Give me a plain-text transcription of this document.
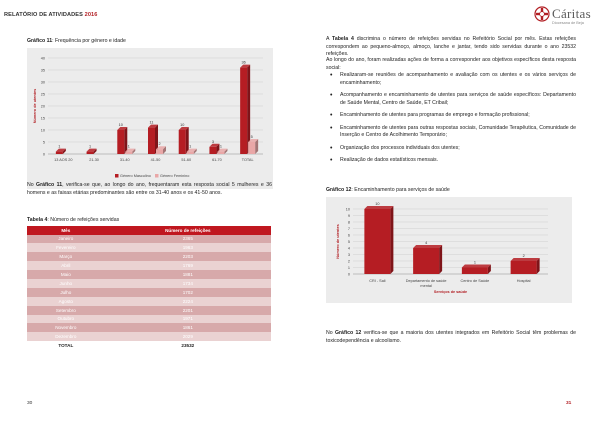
RELATÓRIO DE ATIVIDADES 2016	Cáritas
Diocesana de Beja
Gráfico 11: Frequência por género e idade
Número de utentes
0
5
10
15
20
25
30
35
40
1
13 AOS 20
1
21-30
10
1
31-40
11
2
41-50
10
1
51-60
3
1
61-70
36
5
TOTAL
Género Masculino Género Feminino
No Gráfico 11, verifica-se que, ao longo do ano, frequentaram esta resposta social 5 mulheres e 36 homens e as faixas etárias predominantes são entre os 31-40 anos e os 41-50 anos.
Tabela 4: Número de refeições servidas
Mês	Número de refeições
Janeiro	2365
Fevereiro	1963
Março	2203
Abril	1769
Maio	1881
Junho	1734
Julho	1702
Agosto	2224
Setembro	2201
Outubro	1971
Novembro	1861
Dezembro	2029
TOTAL	23532
A Tabela 4 discrimina o número de refeições servidas no Refeitório Social por mês. Estas refeições correspondem ao pequeno-almoço, almoço, lanche e jantar, tendo sido servidas durante o ano 23532 refeições.
Ao longo do ano, foram realizadas ações de forma a corresponder aos objetivos específicos desta resposta social:
• Realizaram-se reuniões de acompanhamento e avaliação com os utentes e os vários serviços de encaminhamento;
• Acompanhamento e encaminhamento de utentes para serviços de saúde específicos: Departamento de Saúde Mental, Centro de Saúde, ET Cribail;
• Encaminhamento de utentes para programas de emprego e formação profissional;
• Encaminhamento de utentes para outras respostas sociais, Comunidade Terapêutica, Comunidade de Inserção e Centro de Acolhimento Temporário;
• Organização dos processos individuais dos utentes;
• Realização de dados estatísticos mensais.
Gráfico 12: Encaminhamento para serviços de saúde
Número de utentes
0
1
2
3
4
5
6
7
8
9
10
10
CRI - Sali
4
Departamento de saúde
mental
1
Centro de Saúde
2
Hospital
Serviços de saúde
No Gráfico 12 verifica-se que a maioria dos utentes integrados em Refeitório Social têm problemas de toxicodependência e alcoolismo.
30	31
